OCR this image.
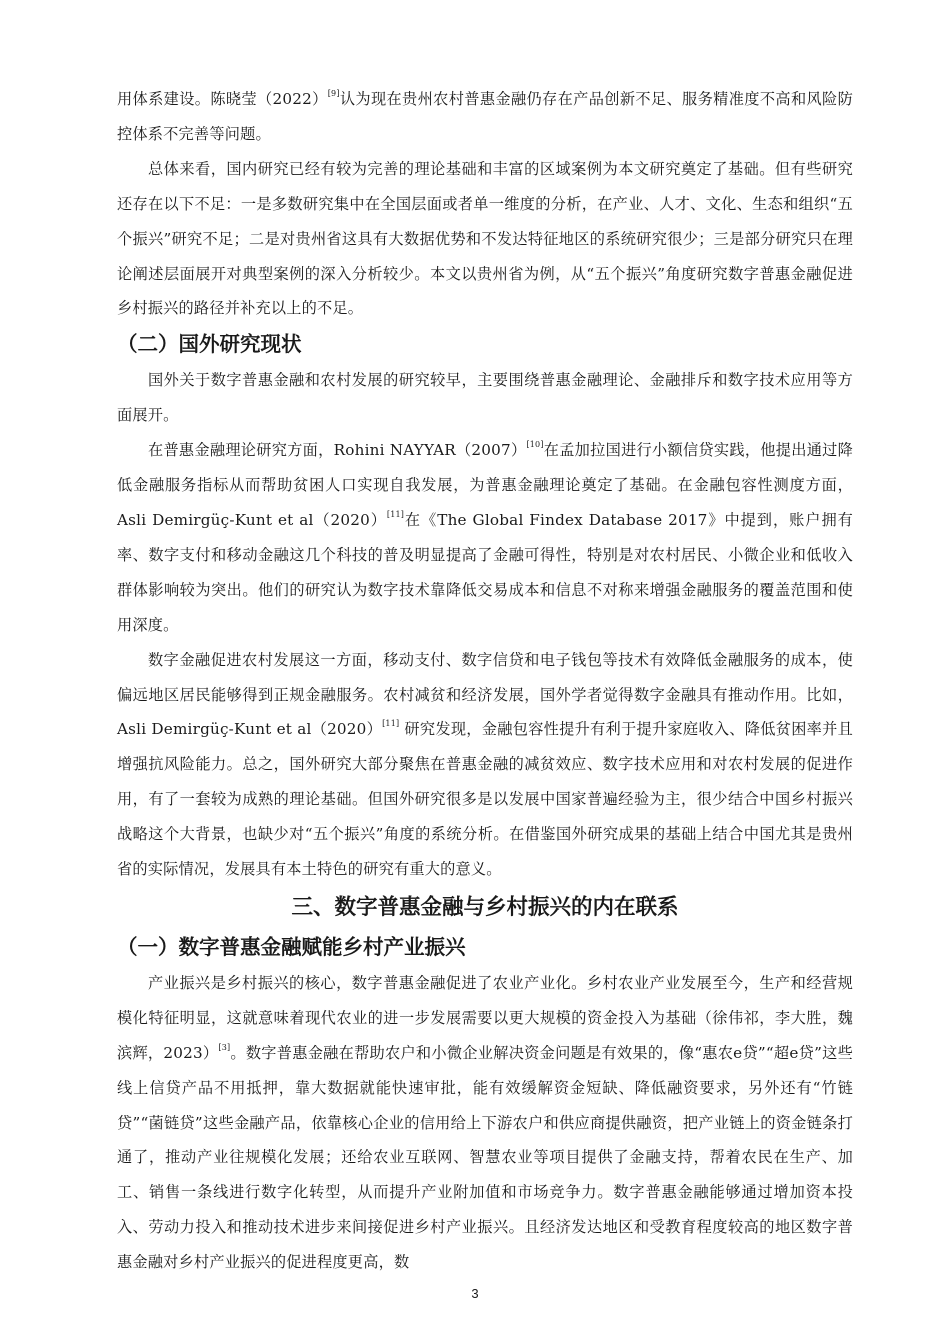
用体系建设。陈晓莹（2022）[9]认为现在贵州农村普惠金融仍存在产品创新不足、服务精准度不高和风险防控体系不完善等问题。

总体来看，国内研究已经有较为完善的理论基础和丰富的区域案例为本文研究奠定了基础。但有些研究还存在以下不足：一是多数研究集中在全国层面或者单一维度的分析，在产业、人才、文化、生态和组织“五个振兴”研究不足；二是对贵州省这具有大数据优势和不发达特征地区的系统研究很少；三是部分研究只在理论阐述层面展开对典型案例的深入分析较少。本文以贵州省为例，从“五个振兴”角度研究数字普惠金融促进乡村振兴的路径并补充以上的不足。

（二）国外研究现状

国外关于数字普惠金融和农村发展的研究较早，主要围绕普惠金融理论、金融排斥和数字技术应用等方面展开。

在普惠金融理论研究方面，Rohini NAYYAR（2007）[10]在孟加拉国进行小额信贷实践，他提出通过降低金融服务指标从而帮助贫困人口实现自我发展，为普惠金融理论奠定了基础。在金融包容性测度方面，Asli Demirgüç-Kunt et al（2020）[11]在《The Global Findex Database 2017》中提到，账户拥有率、数字支付和移动金融这几个科技的普及明显提高了金融可得性，特别是对农村居民、小微企业和低收入群体影响较为突出。他们的研究认为数字技术靠降低交易成本和信息不对称来增强金融服务的覆盖范围和使用深度。

数字金融促进农村发展这一方面，移动支付、数字信贷和电子钱包等技术有效降低金融服务的成本，使偏远地区居民能够得到正规金融服务。农村减贫和经济发展，国外学者觉得数字金融具有推动作用。比如，Asli Demirgüç-Kunt et al（2020）[11] 研究发现，金融包容性提升有利于提升家庭收入、降低贫困率并且增强抗风险能力。总之，国外研究大部分聚焦在普惠金融的减贫效应、数字技术应用和对农村发展的促进作用，有了一套较为成熟的理论基础。但国外研究很多是以发展中国家普遍经验为主，很少结合中国乡村振兴战略这个大背景，也缺少对“五个振兴”角度的系统分析。在借鉴国外研究成果的基础上结合中国尤其是贵州省的实际情况，发展具有本土特色的研究有重大的意义。

三、数字普惠金融与乡村振兴的内在联系
（一）数字普惠金融赋能乡村产业振兴

产业振兴是乡村振兴的核心，数字普惠金融促进了农业产业化。乡村农业产业发展至今，生产和经营规模化特征明显，这就意味着现代农业的进一步发展需要以更大规模的资金投入为基础（徐伟祁，李大胜，魏滨辉，2023）[3]。数字普惠金融在帮助农户和小微企业解决资金问题是有效果的，像“惠农e贷”“超e贷”这些线上信贷产品不用抵押，靠大数据就能快速审批，能有效缓解资金短缺、降低融资要求，另外还有“竹链贷”“菌链贷”这些金融产品，依靠核心企业的信用给上下游农户和供应商提供融资，把产业链上的资金链条打通了，推动产业往规模化发展；还给农业互联网、智慧农业等项目提供了金融支持，帮着农民在生产、加工、销售一条线进行数字化转型，从而提升产业附加值和市场竞争力。数字普惠金融能够通过增加资本投入、劳动力投入和推动技术进步来间接促进乡村产业振兴。且经济发达地区和受教育程度较高的地区数字普惠金融对乡村产业振兴的促进程度更高，数

3
